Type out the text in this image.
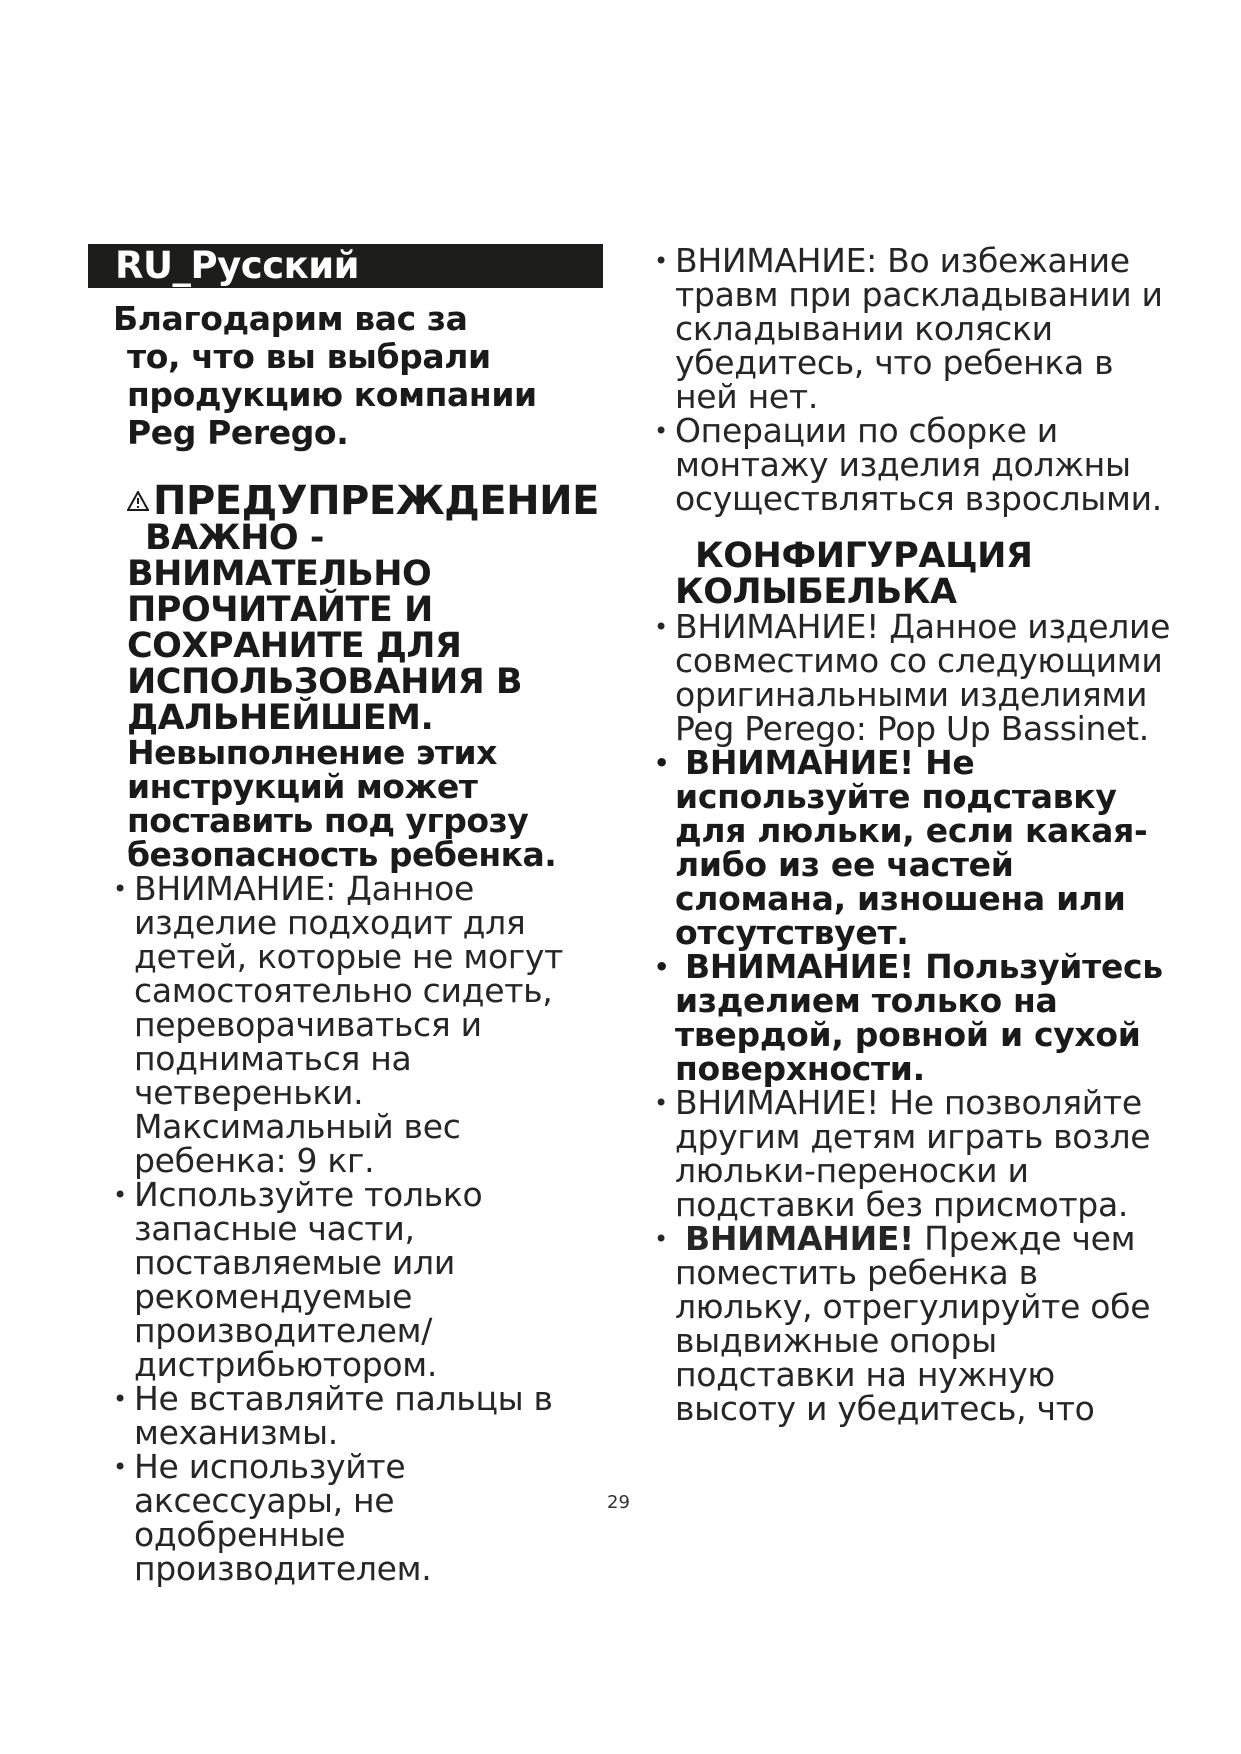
RU_Русский
Благодарим вас за
то, что вы выбрали продукцию компании Peg Perego.
ПРЕДУПРЕЖДЕНИЕ
ВАЖНО - ВНИМАТЕЛЬНО
ПРОЧИТАЙТЕ И СОХРАНИТЕ ДЛЯ ИСПОЛЬЗОВАНИЯ В ДАЛЬНЕЙШЕМ.
Невыполнение этих инструкций может поставить под угрозу безопасность ребенка.
• ВНИМАНИЕ: Данное изделие подходит для детей, которые не могут самостоятельно сидеть, переворачиваться и подниматься на четвереньки. Максимальный вес ребенка: 9 кг.
• Используйте только запасные части, поставляемые или рекомендуемые производителем/ дистрибьютором.
• Не вставляйте пальцы в механизмы.
• Не используйте аксессуары, не одобренные производителем.
• ВНИМАНИЕ: Во избежание травм при раскладывании и складывании коляски убедитесь, что ребенка в ней нет.
• Операции по сборке и монтажу изделия должны осуществляться взрослыми.
КОНФИГУРАЦИЯ
КОЛЫБЕЛЬКА
• ВНИМАНИЕ! Данное изделие совместимо со следующими оригинальными изделиями Peg Perego: Pop Up Bassinet.
• ВНИМАНИЕ! Не используйте подставку для люльки, если какая-либо из ее частей сломана, изношена или отсутствует.
• ВНИМАНИЕ! Пользуйтесь изделием только на твердой, ровной и сухой поверхности.
• ВНИМАНИЕ! Не позволяйте другим детям играть возле люльки-переноски и подставки без присмотра.
• ВНИМАНИЕ! Прежде чем поместить ребенка в люльку, отрегулируйте обе выдвижные опоры подставки на нужную высоту и убедитесь, что
29
